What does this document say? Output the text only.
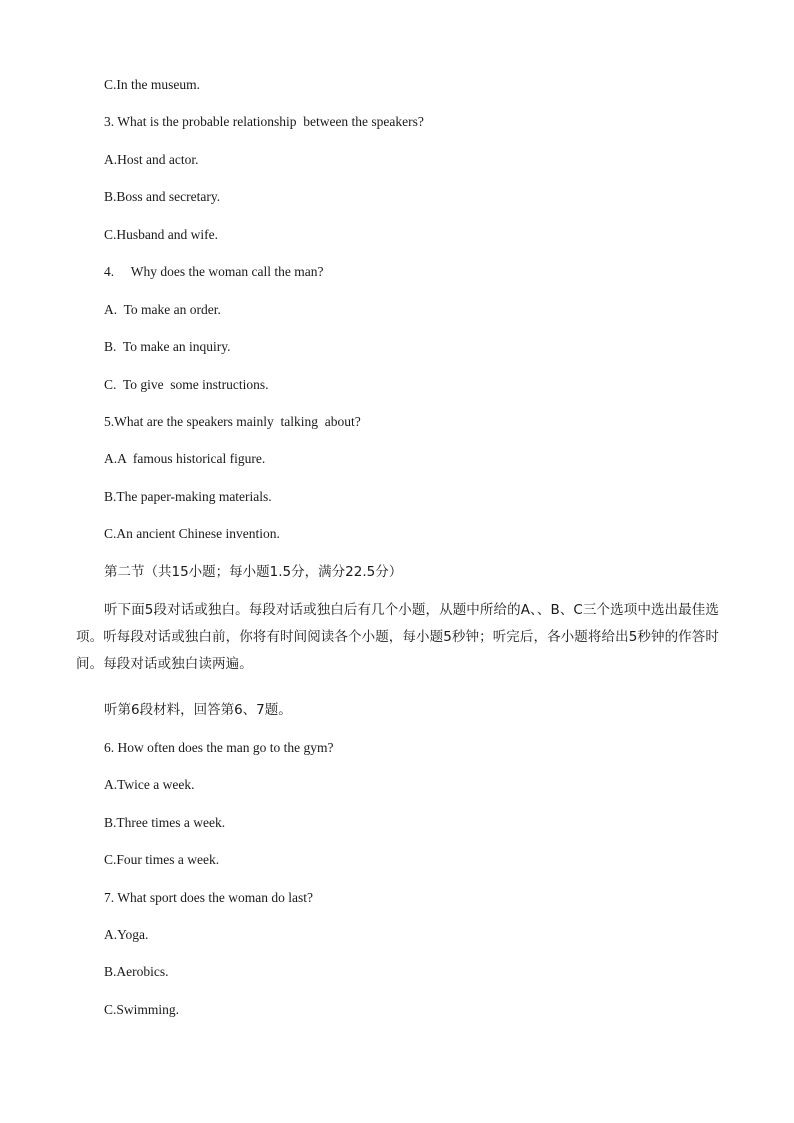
C.In the museum.
3. What is the probable relationship  between the speakers?
A.Host and actor.
B.Boss and secretary.
C.Husband and wife.
4.     Why does the woman call the man?
A.  To make an order.
B.  To make an inquiry.
C.  To give  some instructions.
5.What are the speakers mainly  talking  about?
A.A  famous historical figure.
B.The paper-making materials.
C.An ancient Chinese invention.
第二节（共15小题；每小题1.5分，满分22.5分）
听下面5段对话或独白。每段对话或独白后有几个小题，从题中所给的A、、B、C三个选项中选出最佳选项。听每段对话或独白前，你将有时间阅读各个小题，每小题5秒钟；听完后，各小题将给出5秒钟的作答时间。每段对话或独白读两遍。
听第6段材料，回答第6、7题。
6. How often does the man go to the gym?
A.Twice a week.
B.Three times a week.
C.Four times a week.
7. What sport does the woman do last?
A.Yoga.
B.Aerobics.
C.Swimming.
